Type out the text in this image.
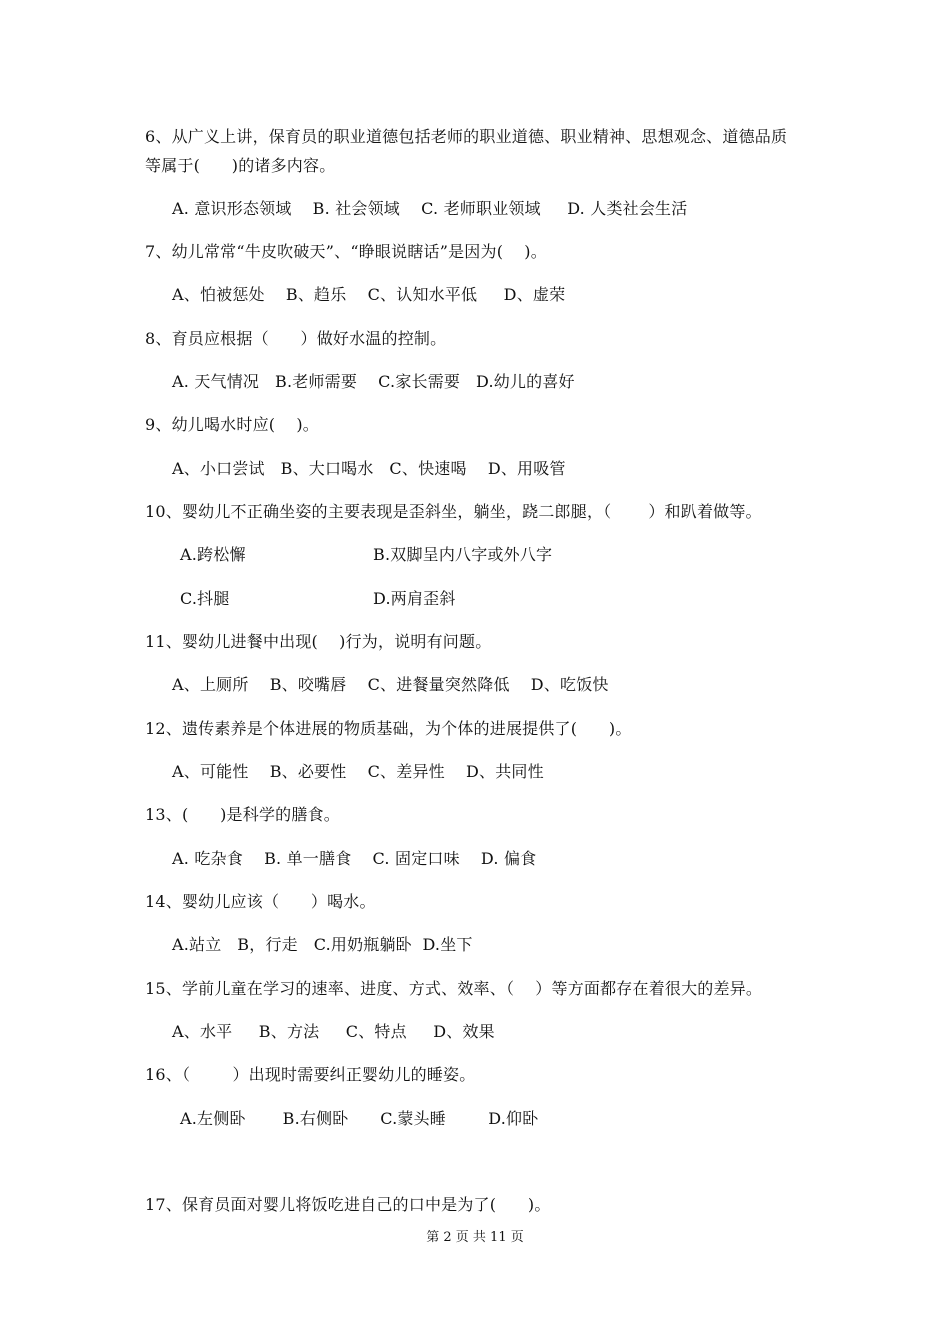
6、从广义上讲，保育员的职业道德包括老师的职业道德、职业精神、思想观念、道德品质
等属于(      )的诸多内容。
A. 意识形态领域    B. 社会领域    C. 老师职业领域     D. 人类社会生活
7、幼儿常常“牛皮吹破天”、“睁眼说瞎话”是因为(    )。
A、怕被惩处    B、趋乐    C、认知水平低     D、虚荣
8、育员应根据（      ）做好水温的控制。
A. 天气情况   B.老师需要    C.家长需要   D.幼儿的喜好
9、幼儿喝水时应(    )。
A、小口尝试   B、大口喝水   C、快速喝    D、用吸管
10、婴幼儿不正确坐姿的主要表现是歪斜坐，躺坐，跷二郎腿，（       ）和趴着做等。
A.跨松懈	B.双脚呈内八字或外八字
C.抖腿	D.两肩歪斜
11、婴幼儿进餐中出现(    )行为，说明有问题。
A、上厕所    B、咬嘴唇    C、进餐量突然降低    D、吃饭快
12、遗传素养是个体进展的物质基础，为个体的进展提供了(      )。
A、可能性    B、必要性    C、差异性    D、共同性
13、(      )是科学的膳食。
A. 吃杂食    B. 单一膳食    C. 固定口味    D. 偏食
14、婴幼儿应该（      ）喝水。
A.站立   B，行走   C.用奶瓶躺卧  D.坐下
15、学前儿童在学习的速率、进度、方式、效率、（    ）等方面都存在着很大的差异。
A、水平     B、方法     C、特点     D、效果
16、（        ）出现时需要纠正婴幼儿的睡姿。
A.左侧卧       B.右侧卧      C.蒙头睡        D.仰卧
17、保育员面对婴儿将饭吃进自己的口中是为了(      )。
第 2 页 共 11 页
